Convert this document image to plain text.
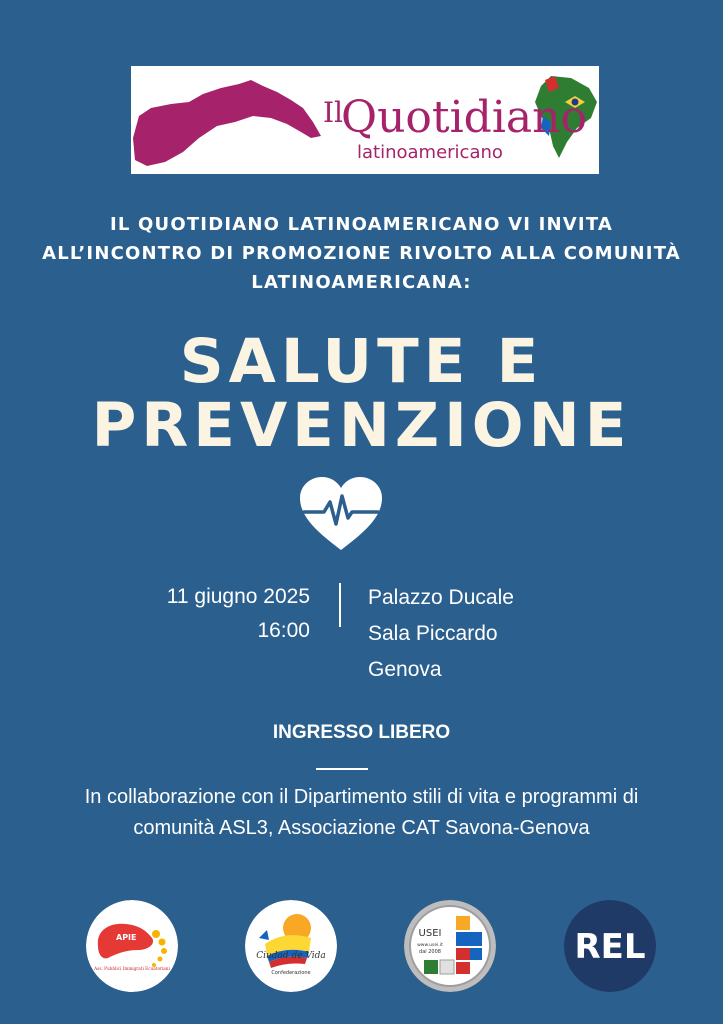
Il
Quotidiano
latinoamericano
IL QUOTIDIANO LATINOAMERICANO VI INVITA ALL’INCONTRO DI PROMOZIONE RIVOLTO ALLA COMUNITÀ LATINOAMERICANA:
SALUTE E
PREVENZIONE
11 giugno 2025
16:00
Palazzo Ducale
Sala Piccardo
Genova
INGRESSO LIBERO
In collaborazione con il Dipartimento stili di vita e programmi di comunità ASL3, Associazione CAT Savona-Genova
APIE
Ass. Pubblici Immigrati Ecuatoriani
Ciudad de Vida
Confederazione
USEI
www.usei.it
dal 2008	REL
